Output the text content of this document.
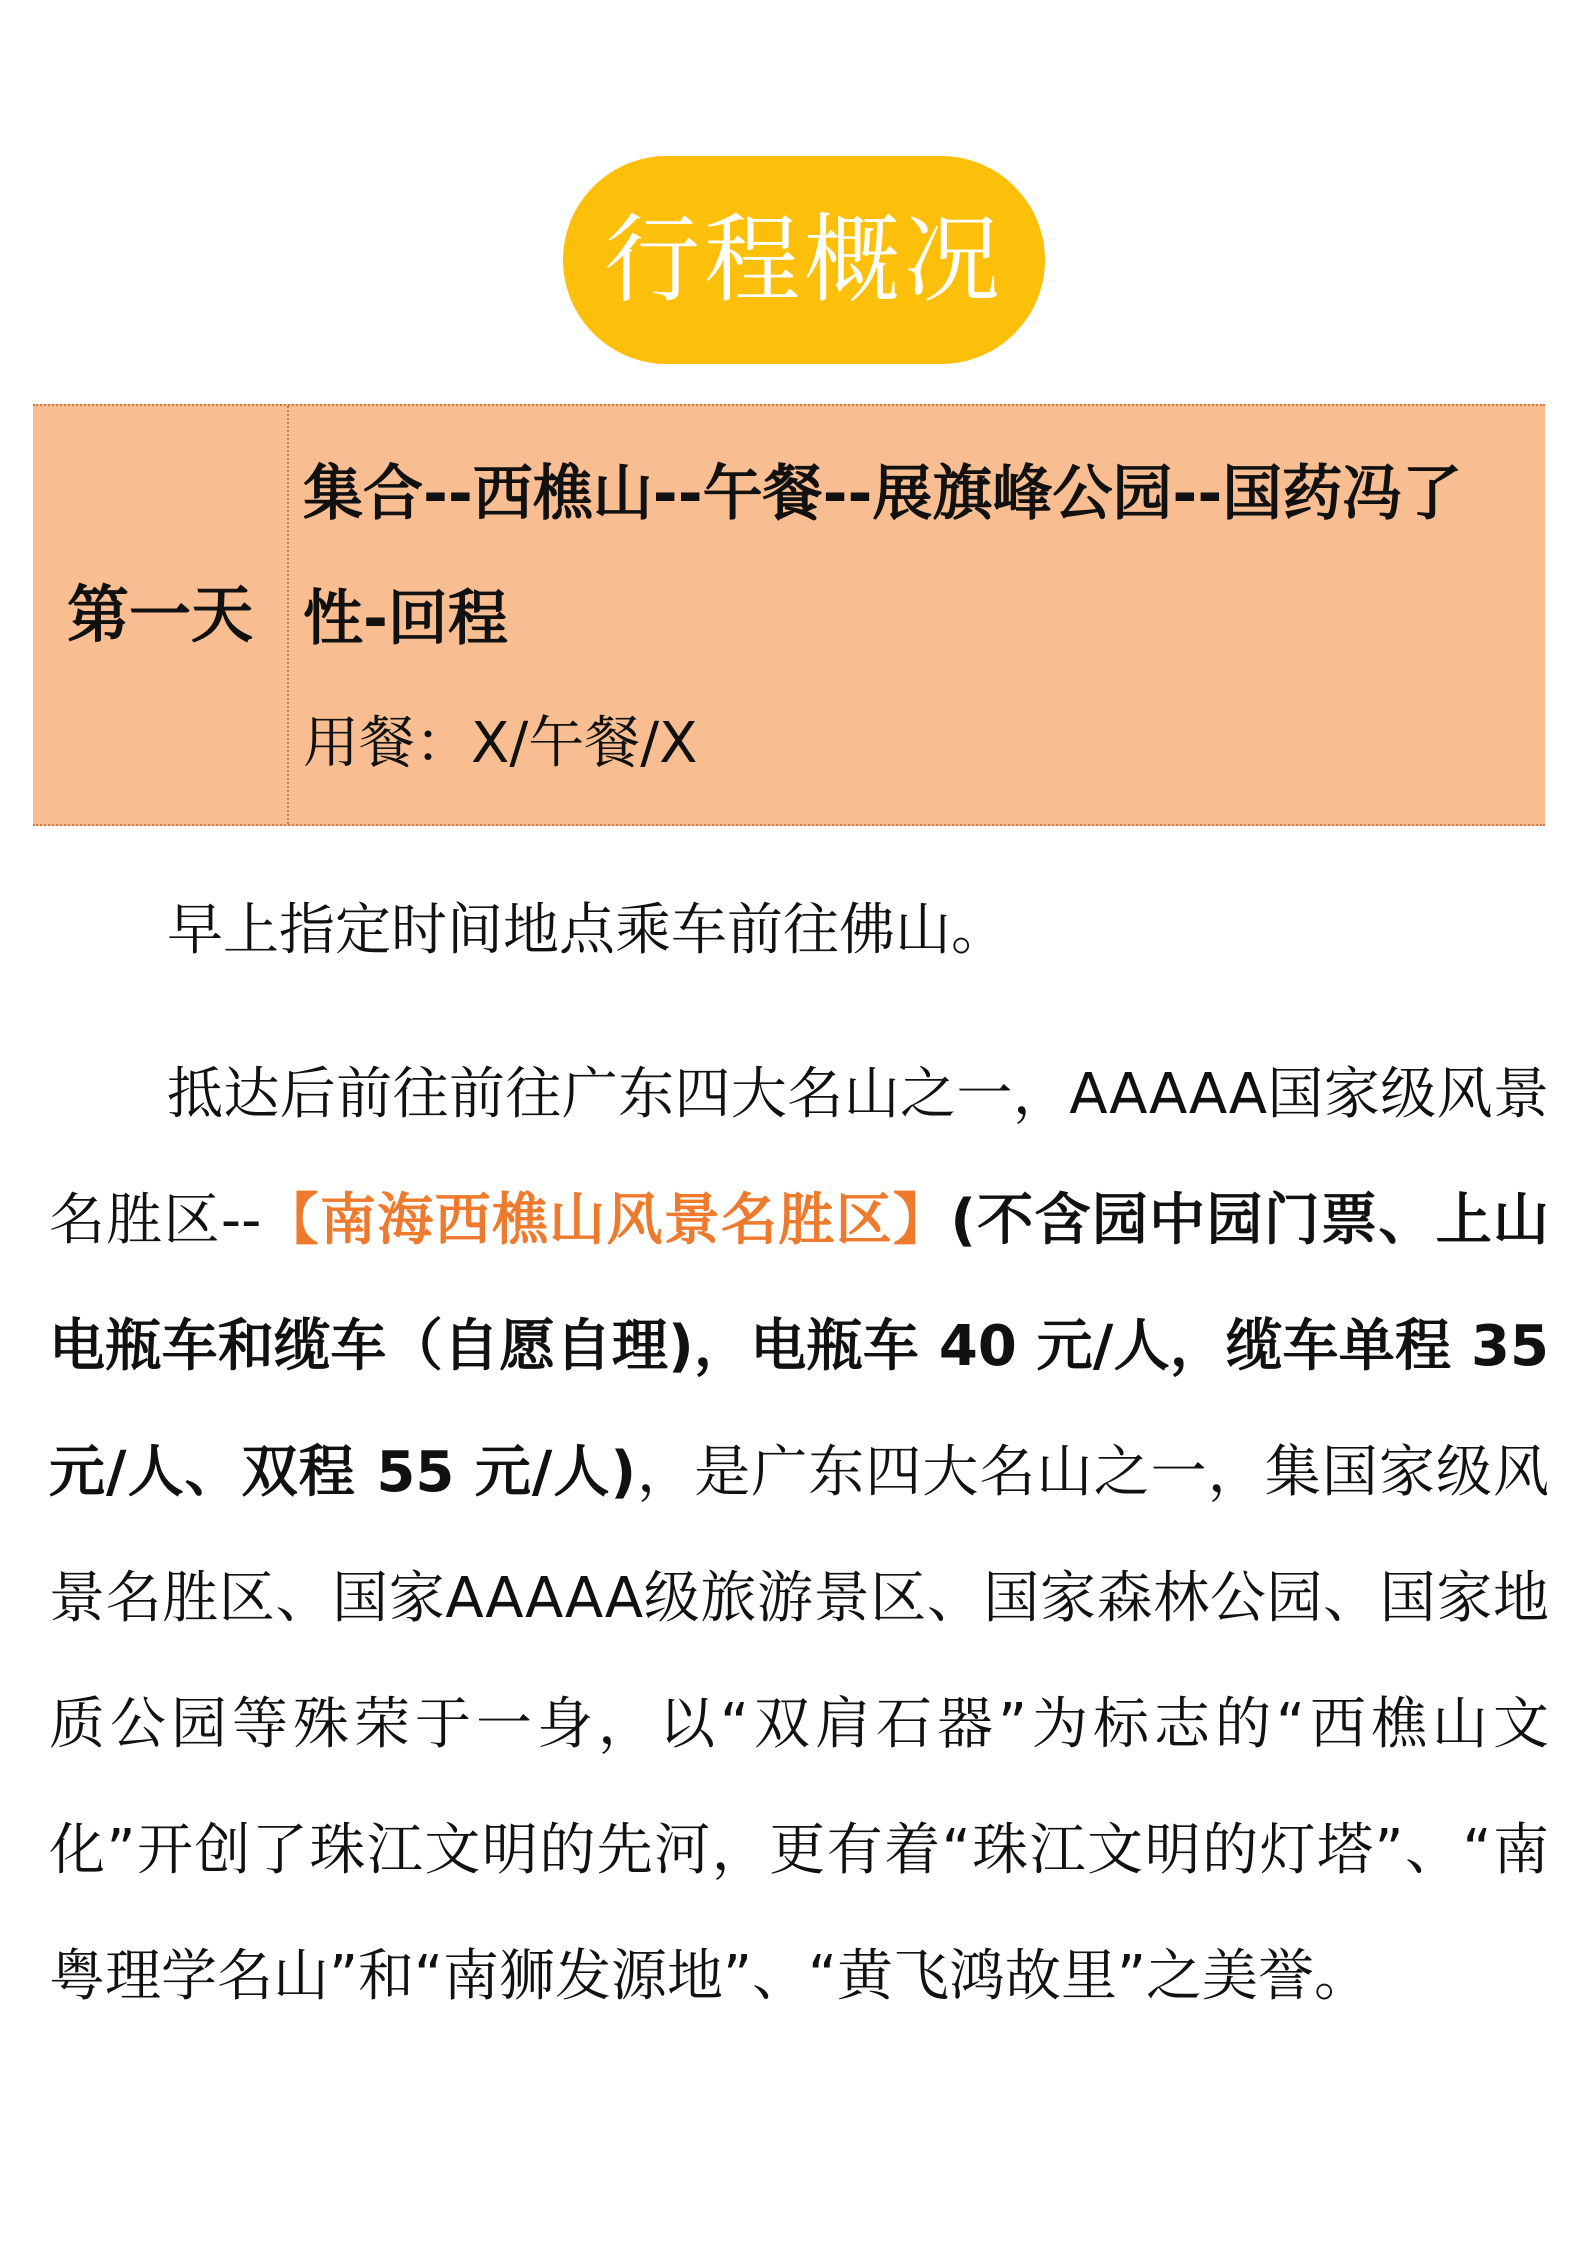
行程概况
第一天

集合--西樵山--午餐--展旗峰公园--国药冯了性-回程

用餐：X/午餐/X

早上指定时间地点乘车前往佛山。

抵达后前往前往广东四大名山之一，AAAAA国家级风景名胜区--【南海西樵山风景名胜区】(不含园中园门票、上山电瓶车和缆车（自愿自理)，电瓶车 40 元/人，缆车单程 35 元/人、双程 55 元/人)，是广东四大名山之一，集国家级风景名胜区、国家AAAAA级旅游景区、国家森林公园、国家地质公园等殊荣于一身，以“双肩石器”为标志的“西樵山文化”开创了珠江文明的先河，更有着“珠江文明的灯塔”、“南粤理学名山”和“南狮发源地”、“黄飞鸿故里”之美誉。
